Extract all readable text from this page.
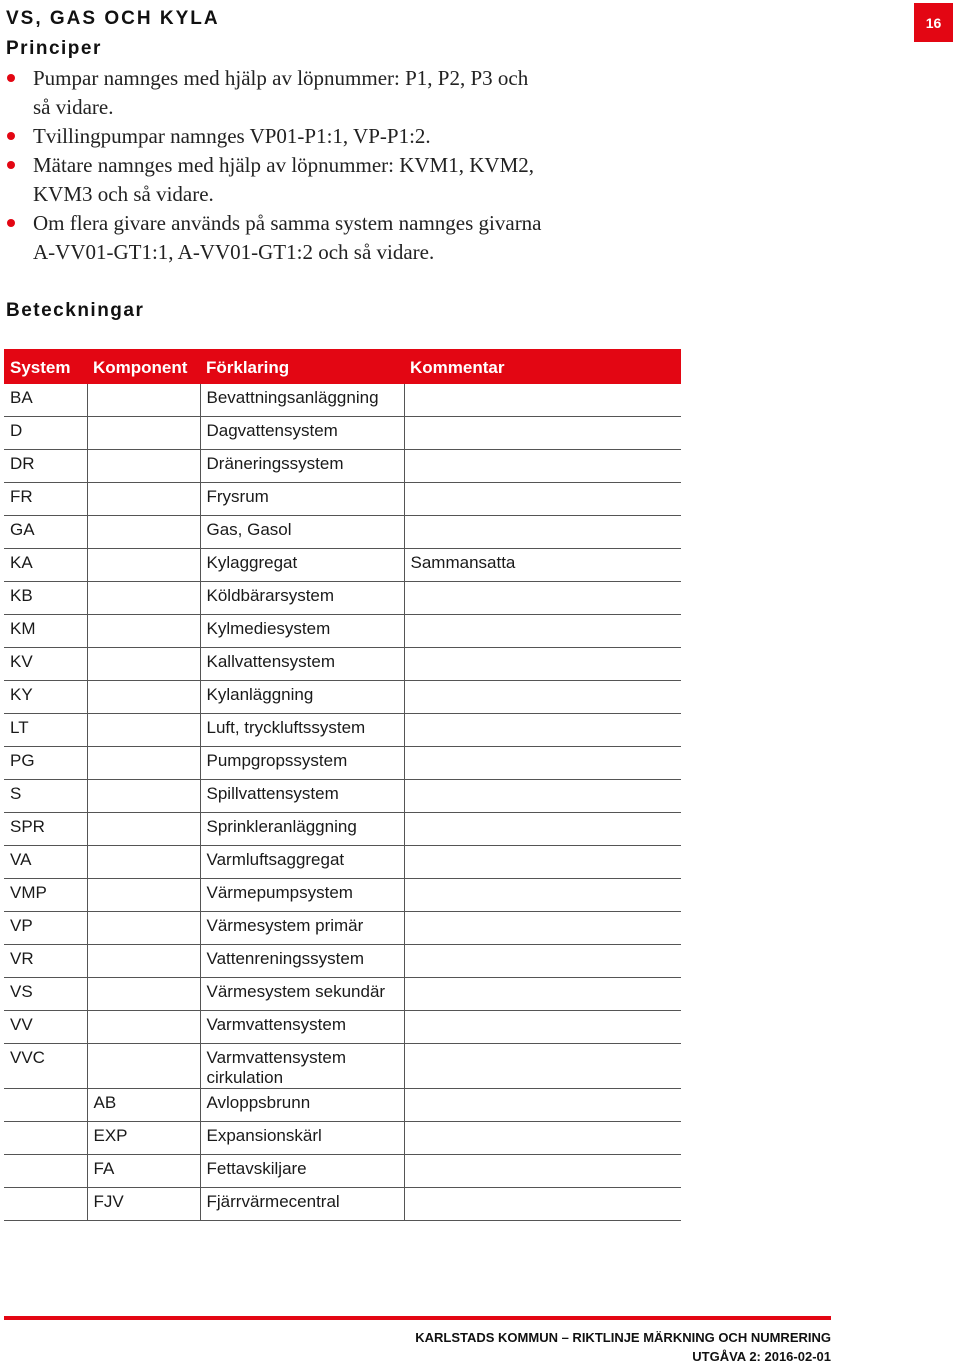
VS, GAS OCH KYLA	16
Principer
Pumpar namnges med hjälp av löpnummer: P1, P2, P3 och
så vidare.
Tvillingpumpar namnges VP01-P1:1, VP-P1:2.
Mätare namnges med hjälp av löpnummer: KVM1, KVM2,
KVM3 och så vidare.
Om flera givare används på samma system namnges givarna
A-VV01-GT1:1, A-VV01-GT1:2 och så vidare.
Beteckningar
System	Komponent	Förklaring	Kommentar
BA		Bevattningsanläggning	
D		Dagvattensystem	
DR		Dräneringssystem	
FR		Frysrum	
GA		Gas, Gasol	
KA		Kylaggregat	Sammansatta
KB		Köldbärarsystem	
KM		Kylmediesystem	
KV		Kallvattensystem	
KY		Kylanläggning	
LT		Luft, tryckluftssystem	
PG		Pumpgropssystem	
S		Spillvattensystem	
SPR		Sprinkleranläggning	
VA		Varmluftsaggregat	
VMP		Värmepumpsystem	
VP		Värmesystem primär	
VR		Vattenreningssystem	
VS		Värmesystem sekundär	
VV		Varmvattensystem	
VVC		Varmvattensystem cirkulation	
	AB	Avloppsbrunn	
	EXP	Expansionskärl	
	FA	Fettavskiljare	
	FJV	Fjärrvärmecentral	
KARLSTADS KOMMUN – RIKTLINJE MÄRKNING OCH NUMRERING
UTGÅVA 2: 2016-02-01
